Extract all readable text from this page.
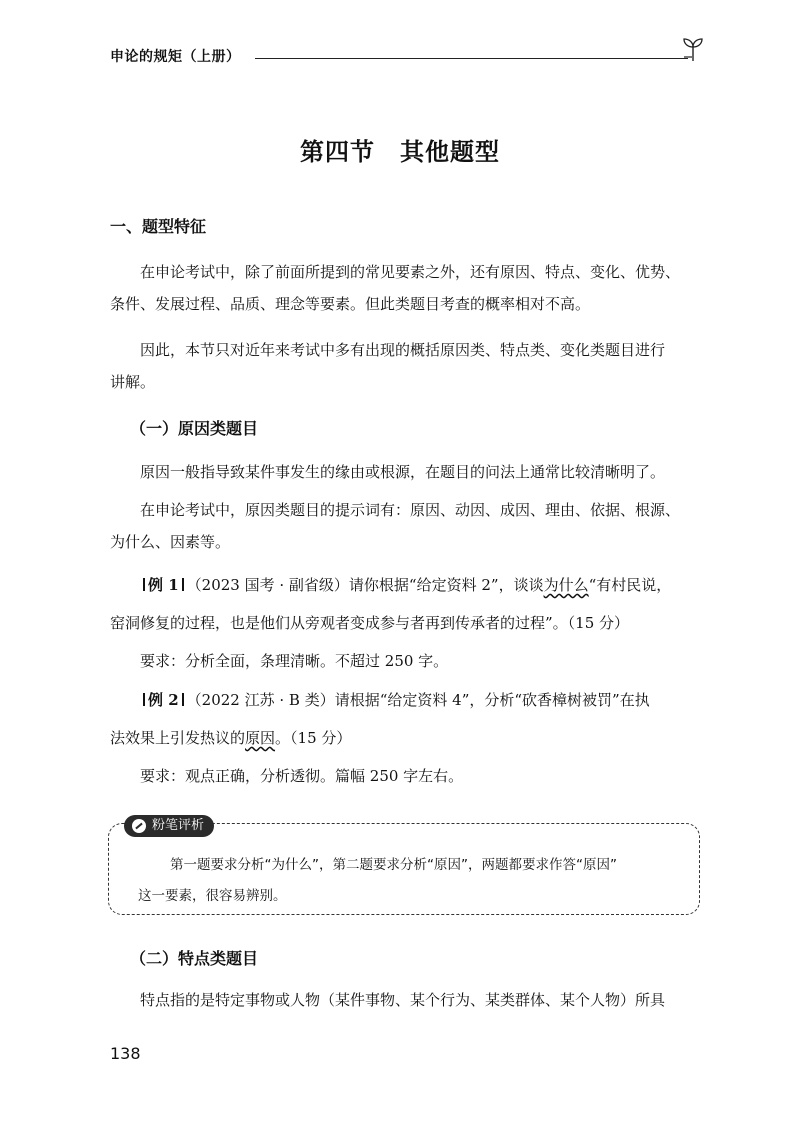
申论的规矩（上册）
第四节　其他题型
一、题型特征
在申论考试中，除了前面所提到的常见要素之外，还有原因、特点、变化、优势、
条件、发展过程、品质、理念等要素。但此类题目考查的概率相对不高。
因此，本节只对近年来考试中多有出现的概括原因类、特点类、变化类题目进行
讲解。
（一）原因类题目
原因一般指导致某件事发生的缘由或根源，在题目的问法上通常比较清晰明了。
在申论考试中，原因类题目的提示词有：原因、动因、成因、理由、依据、根源、
为什么、因素等。
例 1 （2023 国考 · 副省级）请你根据“给定资料 2”，谈谈为什么“有村民说，
窑洞修复的过程，也是他们从旁观者变成参与者再到传承者的过程”。（15 分）
要求：分析全面，条理清晰。不超过 250 字。
例 2 （2022 江苏 · B 类）请根据“给定资料 4”，分析“砍香樟树被罚”在执
法效果上引发热议的原因。（15 分）
要求：观点正确，分析透彻。篇幅 250 字左右。
粉笔评析
第一题要求分析“为什么”，第二题要求分析“原因”，两题都要求作答“原因”
这一要素，很容易辨别。
（二）特点类题目
特点指的是特定事物或人物（某件事物、某个行为、某类群体、某个人物）所具
138
